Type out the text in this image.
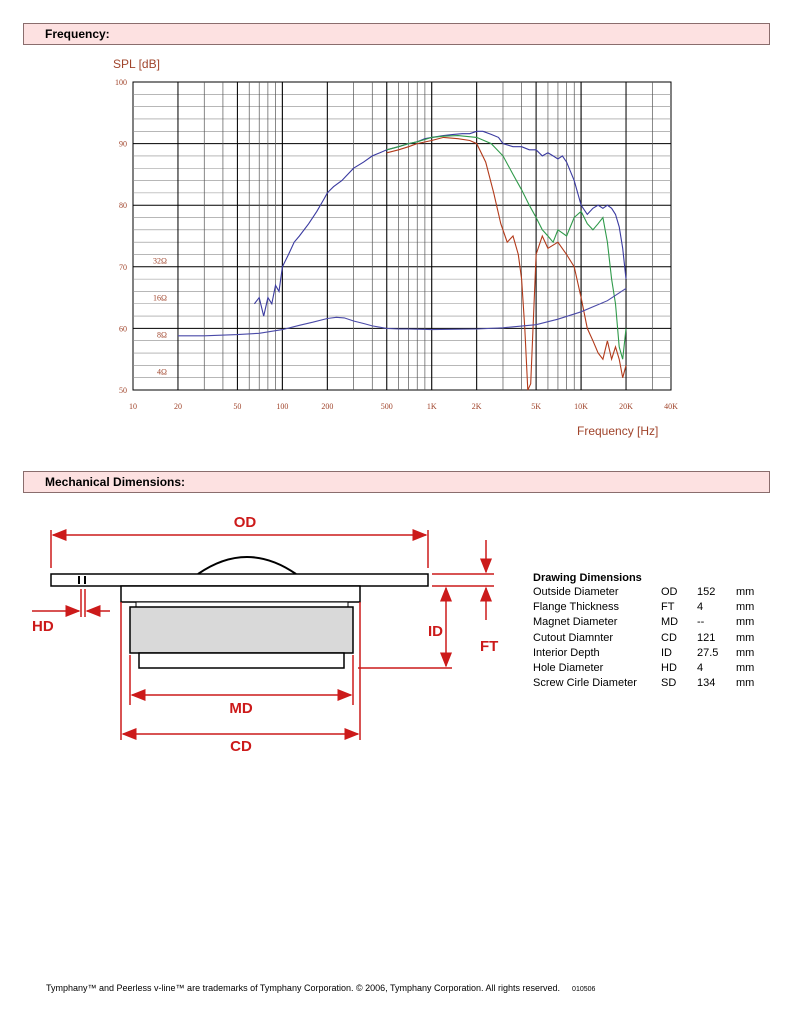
Frequency:
10	20	50	100	200	500	1K	2K	5K	10K	20K	40K
100
90
80
70
60
50
32Ω
16Ω
8Ω
4Ω
SPL [dB]
Frequency [Hz]
Mechanical Dimensions:
OD
HD	ID
FT
MD
CD
Drawing Dimensions
Outside Diameter	OD 152 mm
Flange Thickness	FT 4	mm
Magnet Diameter	MD --	mm
Cutout Diamnter	CD 121 mm
Interior Depth	ID 27.5 mm
Hole Diameter	HD 4	mm
Screw Cirle Diameter SD 134 mm
Tymphany™ and Peerless v-line™ are trademarks of Tymphany Corporation. © 2006, Tymphany Corporation. All rights reserved. 010506
